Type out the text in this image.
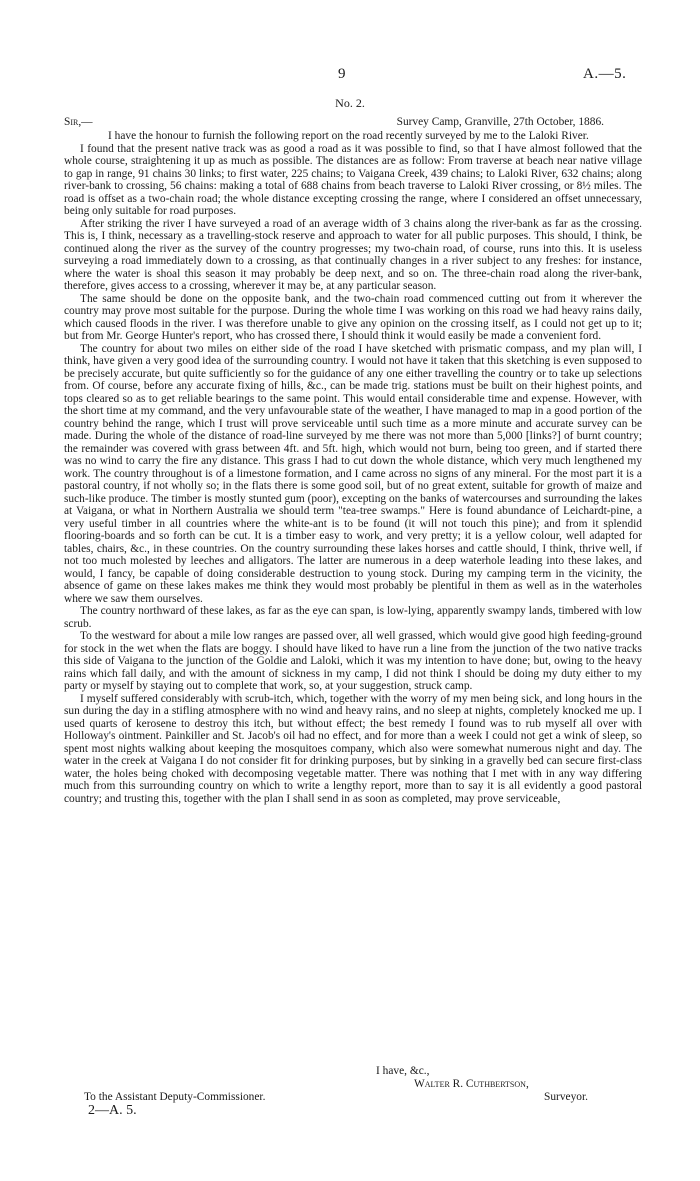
9	A.—5.
No. 2.
Sir,—	Survey Camp, Granville, 27th October, 1886.

I have the honour to furnish the following report on the road recently surveyed by me to the Laloki River.

I found that the present native track was as good a road as it was possible to find, so that I have almost followed that the whole course, straightening it up as much as possible. The distances are as follow: From traverse at beach near native village to gap in range, 91 chains 30 links; to first water, 225 chains; to Vaigana Creek, 439 chains; to Laloki River, 632 chains; along river-bank to crossing, 56 chains: making a total of 688 chains from beach traverse to Laloki River crossing, or 8½ miles. The road is offset as a two-chain road; the whole distance excepting crossing the range, where I considered an offset unnecessary, being only suitable for road purposes.

After striking the river I have surveyed a road of an average width of 3 chains along the river-bank as far as the crossing. This is, I think, necessary as a travelling-stock reserve and approach to water for all public purposes. This should, I think, be continued along the river as the survey of the country progresses; my two-chain road, of course, runs into this. It is useless surveying a road immediately down to a crossing, as that continually changes in a river subject to any freshes: for instance, where the water is shoal this season it may probably be deep next, and so on. The three-chain road along the river-bank, therefore, gives access to a crossing, wherever it may be, at any particular season.

The same should be done on the opposite bank, and the two-chain road commenced cutting out from it wherever the country may prove most suitable for the purpose. During the whole time I was working on this road we had heavy rains daily, which caused floods in the river. I was therefore unable to give any opinion on the crossing itself, as I could not get up to it; but from Mr. George Hunter's report, who has crossed there, I should think it would easily be made a convenient ford.

The country for about two miles on either side of the road I have sketched with prismatic compass, and my plan will, I think, have given a very good idea of the surrounding country. I would not have it taken that this sketching is even supposed to be precisely accurate, but quite sufficiently so for the guidance of any one either travelling the country or to take up selections from. Of course, before any accurate fixing of hills, &c., can be made trig. stations must be built on their highest points, and tops cleared so as to get reliable bearings to the same point. This would entail considerable time and expense. However, with the short time at my command, and the very unfavourable state of the weather, I have managed to map in a good portion of the country behind the range, which I trust will prove serviceable until such time as a more minute and accurate survey can be made. During the whole of the distance of road-line surveyed by me there was not more than 5,000 [links?] of burnt country; the remainder was covered with grass between 4ft. and 5ft. high, which would not burn, being too green, and if started there was no wind to carry the fire any distance. This grass I had to cut down the whole distance, which very much lengthened my work. The country throughout is of a limestone formation, and I came across no signs of any mineral. For the most part it is a pastoral country, if not wholly so; in the flats there is some good soil, but of no great extent, suitable for growth of maize and such-like produce. The timber is mostly stunted gum (poor), excepting on the banks of watercourses and surrounding the lakes at Vaigana, or what in Northern Australia we should term "tea-tree swamps." Here is found abundance of Leichardt-pine, a very useful timber in all countries where the white-ant is to be found (it will not touch this pine); and from it splendid flooring-boards and so forth can be cut. It is a timber easy to work, and very pretty; it is a yellow colour, well adapted for tables, chairs, &c., in these countries. On the country surrounding these lakes horses and cattle should, I think, thrive well, if not too much molested by leeches and alligators. The latter are numerous in a deep waterhole leading into these lakes, and would, I fancy, be capable of doing considerable destruction to young stock. During my camping term in the vicinity, the absence of game on these lakes makes me think they would most probably be plentiful in them as well as in the waterholes where we saw them ourselves.

The country northward of these lakes, as far as the eye can span, is low-lying, apparently swampy lands, timbered with low scrub.

To the westward for about a mile low ranges are passed over, all well grassed, which would give good high feeding-ground for stock in the wet when the flats are boggy. I should have liked to have run a line from the junction of the two native tracks this side of Vaigana to the junction of the Goldie and Laloki, which it was my intention to have done; but, owing to the heavy rains which fall daily, and with the amount of sickness in my camp, I did not think I should be doing my duty either to my party or myself by staying out to complete that work, so, at your suggestion, struck camp.

I myself suffered considerably with scrub-itch, which, together with the worry of my men being sick, and long hours in the sun during the day in a stifling atmosphere with no wind and heavy rains, and no sleep at nights, completely knocked me up. I used quarts of kerosene to destroy this itch, but without effect; the best remedy I found was to rub myself all over with Holloway's ointment. Painkiller and St. Jacob's oil had no effect, and for more than a week I could not get a wink of sleep, so spent most nights walking about keeping the mosquitoes company, which also were somewhat numerous night and day. The water in the creek at Vaigana I do not consider fit for drinking purposes, but by sinking in a gravelly bed can secure first-class water, the holes being choked with decomposing vegetable matter. There was nothing that I met with in any way differing much from this surrounding country on which to write a lengthy report, more than to say it is all evidently a good pastoral country; and trusting this, together with the plan I shall send in as soon as completed, may prove serviceable,

I have, &c.,
Walter R. Cuthbertson,
To the Assistant Deputy-Commissioner.	Surveyor.
2—A. 5.
